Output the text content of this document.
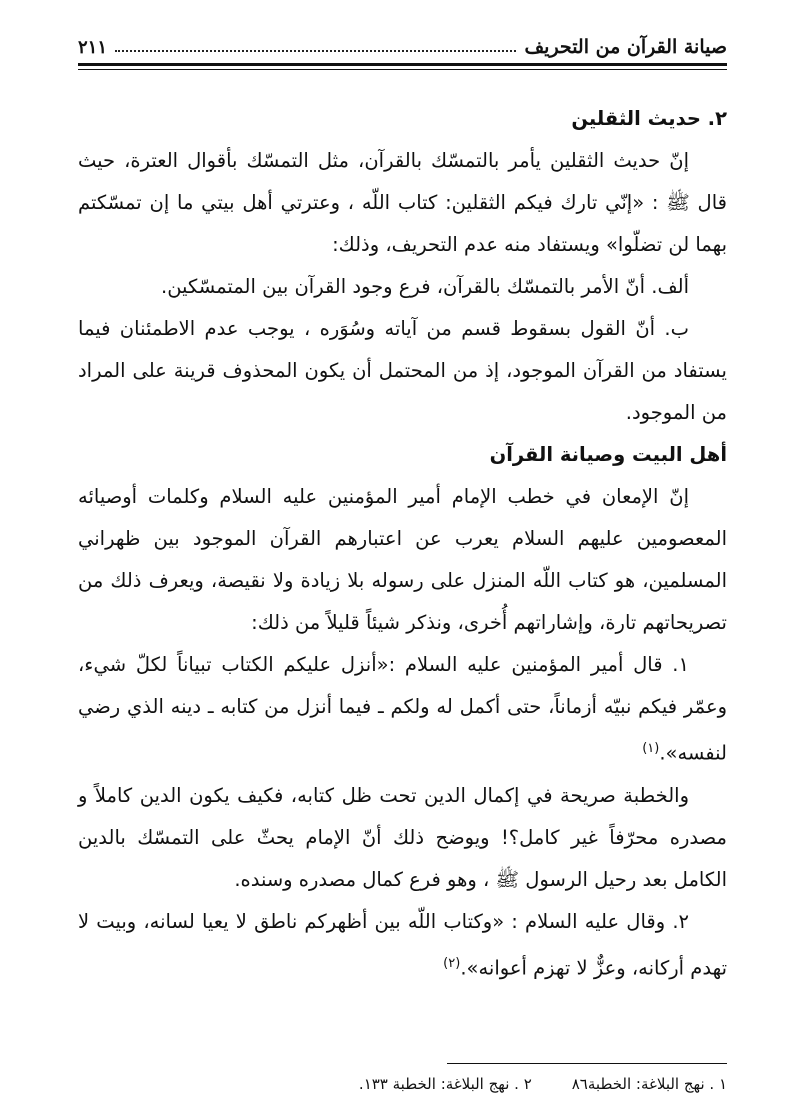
صيانة القرآن من التحريف
٢١١

٢. حديث الثقلين

إنّ حديث الثقلين يأمر بالتمسّك بالقرآن، مثل التمسّك بأقوال العترة، حيث قال ﷺ : «إنّي تارك فيكم الثقلين: كتاب اللّه ، وعترتي أهل بيتي ما إن تمسّكتم بهما لن تضلّوا» ويستفاد منه عدم التحريف، وذلك:

ألف. أنّ الأمر بالتمسّك بالقرآن، فرع وجود القرآن بين المتمسّكين.

ب. أنّ القول بسقوط قسم من آياته وسُوَره ، يوجب عدم الاطمئنان فيما يستفاد من القرآن الموجود، إذ من المحتمل أن يكون المحذوف قرينة على المراد من الموجود.

أهل البيت وصيانة القرآن

إنّ الإمعان في خطب الإمام أمير المؤمنين عليه السلام وكلمات أوصيائه المعصومين عليهم السلام يعرب عن اعتبارهم القرآن الموجود بين ظهراني المسلمين، هو كتاب اللّه المنزل على رسوله بلا زيادة ولا نقيصة، ويعرف ذلك من تصريحاتهم تارة، وإشاراتهم أُخرى، ونذكر شيئاً قليلاً من ذلك:

١. قال أمير المؤمنين عليه السلام :«أنزل عليكم الكتاب تبياناً لكلّ شيء، وعمّر فيكم نبيّه أزماناً، حتى أكمل له ولكم ـ فيما أنزل من كتابه ـ دينه الذي رضي لنفسه».$^{(١)}$

والخطبة صريحة في إكمال الدين تحت ظل كتابه، فكيف يكون الدين كاملاً و مصدره محرّفاً غير كامل؟! ويوضح ذلك أنّ الإمام يحثّ على التمسّك بالدين الكامل بعد رحيل الرسول ﷺ ، وهو فرع كمال مصدره وسنده.

٢. وقال عليه السلام : «وكتاب اللّه بين أظهركم ناطق لا يعيا لسانه، وبيت لا تهدم أركانه، وعزٌّ لا تهزم أعوانه».$^{(٢)}$

١ . نهج البلاغة: الخطبة٨٦
٢ . نهج البلاغة: الخطبة ١٣٣.
